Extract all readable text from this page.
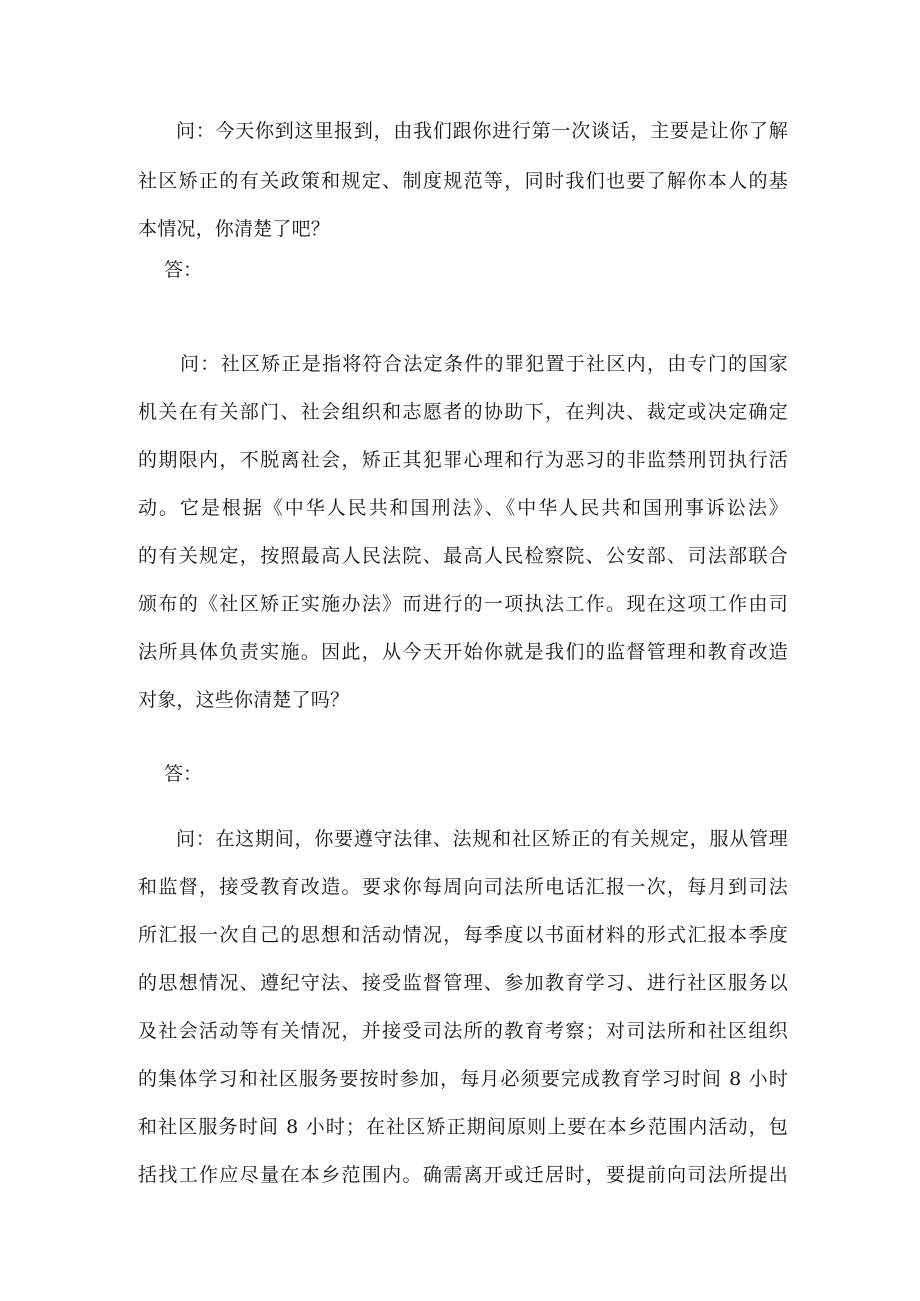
问：今天你到这里报到，由我们跟你进行第一次谈话，主要是让你了解
社区矫正的有关政策和规定、制度规范等，同时我们也要了解你本人的基
本情况，你清楚了吧？
答：
问：社区矫正是指将符合法定条件的罪犯置于社区内，由专门的国家
机关在有关部门、社会组织和志愿者的协助下，在判决、裁定或决定确定
的期限内，不脱离社会，矫正其犯罪心理和行为恶习的非监禁刑罚执行活
动。它是根据《中华人民共和国刑法》、《中华人民共和国刑事诉讼法》
的有关规定，按照最高人民法院、最高人民检察院、公安部、司法部联合
颁布的《社区矫正实施办法》而进行的一项执法工作。现在这项工作由司
法所具体负责实施。因此，从今天开始你就是我们的监督管理和教育改造
对象，这些你清楚了吗？
答：
问：在这期间，你要遵守法律、法规和社区矫正的有关规定，服从管理
和监督，接受教育改造。要求你每周向司法所电话汇报一次，每月到司法
所汇报一次自己的思想和活动情况，每季度以书面材料的形式汇报本季度
的思想情况、遵纪守法、接受监督管理、参加教育学习、进行社区服务以
及社会活动等有关情况，并接受司法所的教育考察；对司法所和社区组织
的集体学习和社区服务要按时参加，每月必须要完成教育学习时间 8 小时
和社区服务时间 8 小时；在社区矫正期间原则上要在本乡范围内活动，包
括找工作应尽量在本乡范围内。确需离开或迁居时，要提前向司法所提出
